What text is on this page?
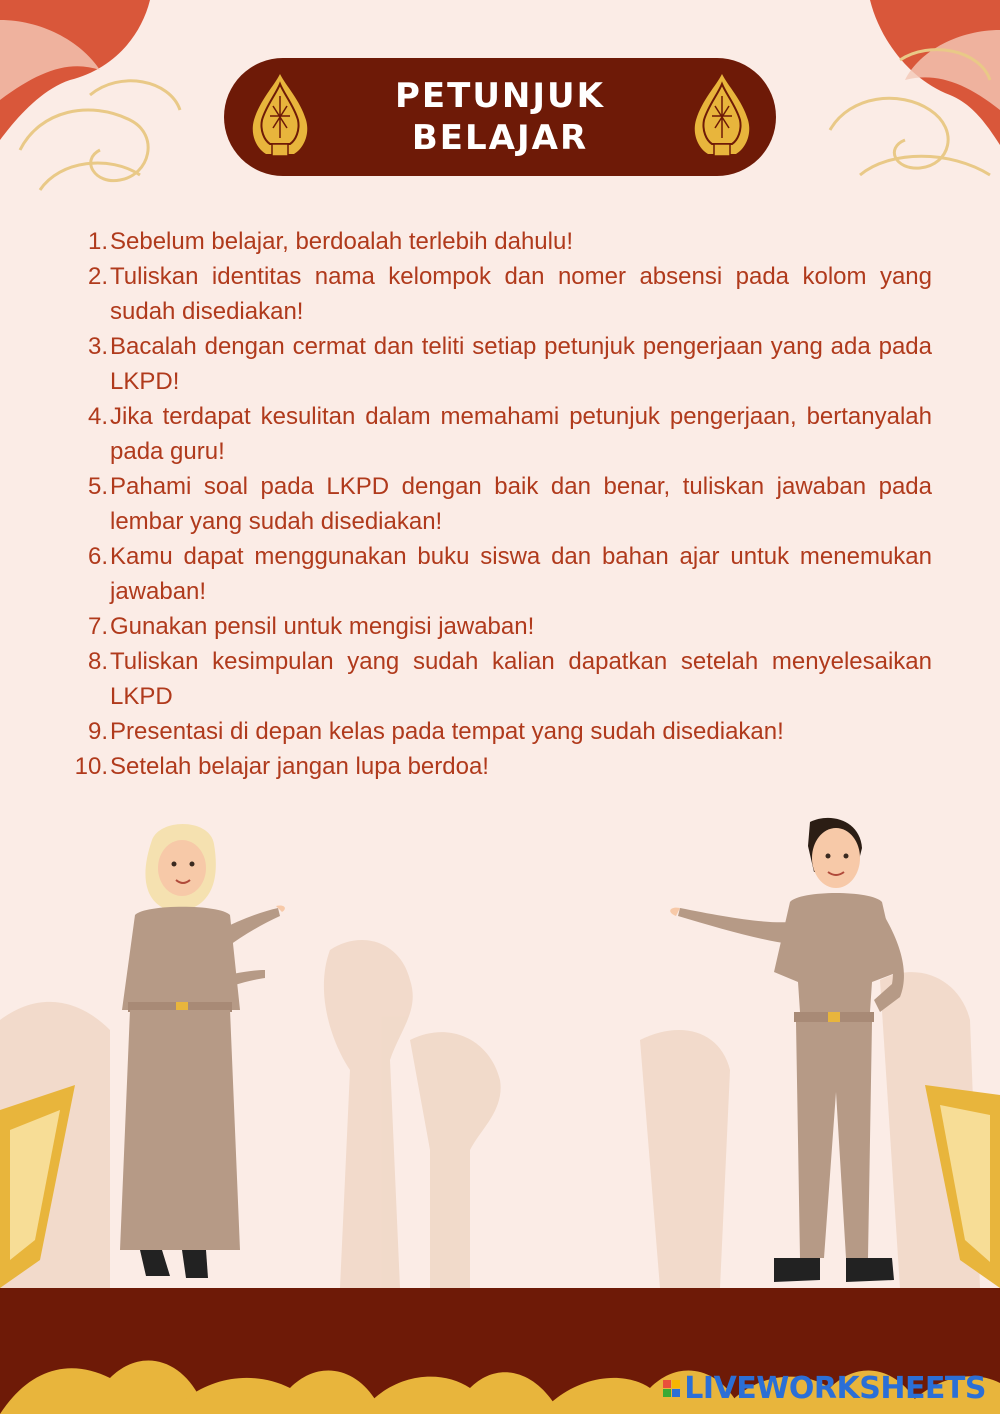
PETUNJUK
BELAJAR
1. Sebelum belajar, berdoalah terlebih dahulu!
2. Tuliskan identitas nama kelompok dan nomer absensi pada kolom yang sudah disediakan!
3. Bacalah dengan cermat dan teliti setiap petunjuk pengerjaan yang ada pada LKPD!
4. Jika terdapat kesulitan dalam memahami petunjuk pengerjaan, bertanyalah pada guru!
5. Pahami soal pada LKPD dengan baik dan benar, tuliskan jawaban pada lembar yang sudah disediakan!
6. Kamu dapat menggunakan buku siswa dan bahan ajar untuk menemukan jawaban!
7. Gunakan pensil untuk mengisi jawaban!
8. Tuliskan kesimpulan yang sudah kalian dapatkan setelah menyelesaikan LKPD
9. Presentasi di depan kelas pada tempat yang sudah disediakan!
10. Setelah belajar jangan lupa berdoa!
LIVEWORKSHEETS
